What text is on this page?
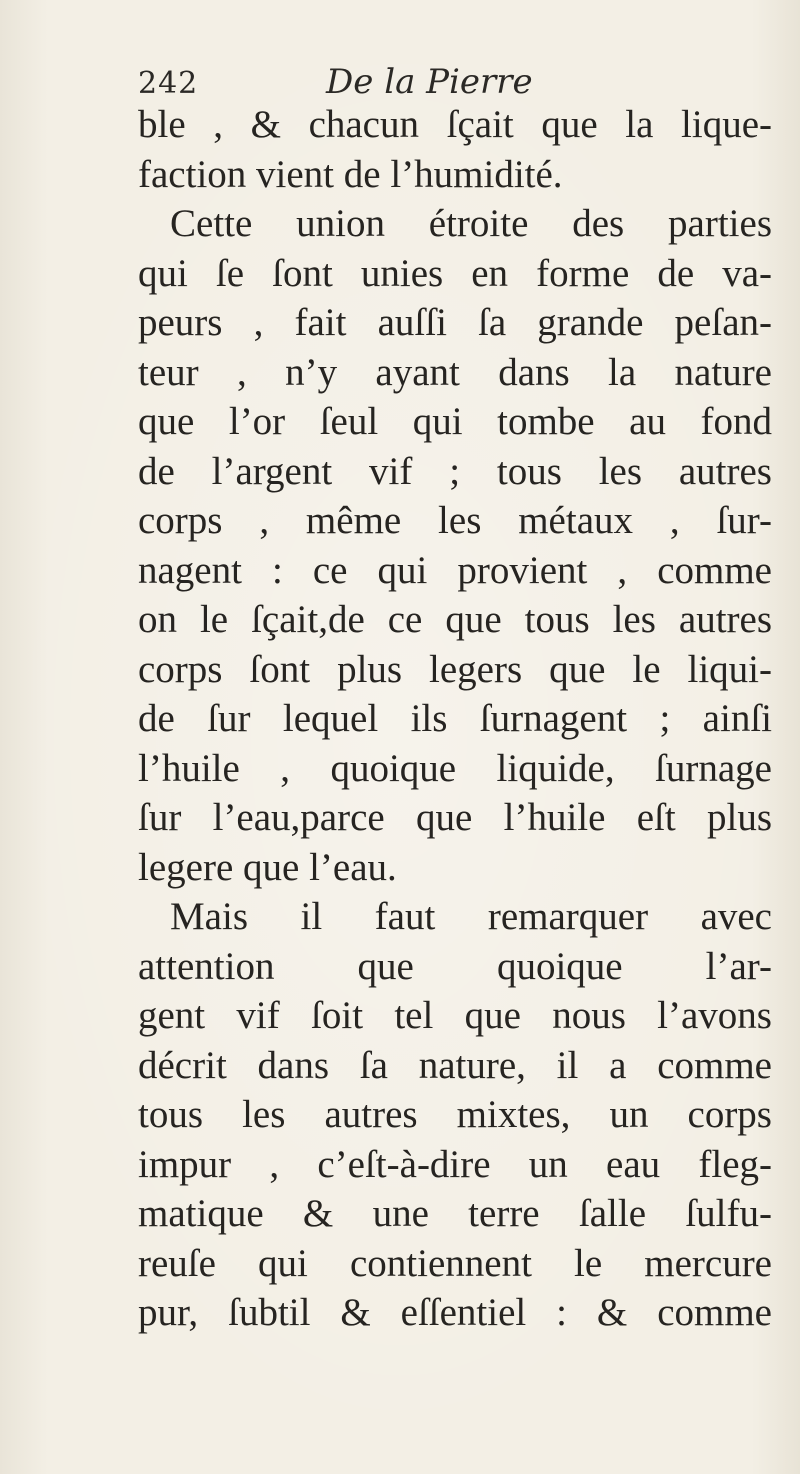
242	De la Pierre
ble , & chacun ſçait que la lique-
faction vient de l’humidité.
Cette union étroite des parties
qui ſe ſont unies en forme de va-
peurs , fait auſſi ſa grande peſan-
teur , n’y ayant dans la nature
que l’or ſeul qui tombe au fond
de l’argent vif ; tous les autres
corps , même les métaux , ſur-
nagent : ce qui provient , comme
on le ſçait,de ce que tous les autres
corps ſont plus legers que le liqui-
de ſur lequel ils ſurnagent ; ainſi
l’huile , quoique liquide, ſurnage
ſur l’eau,parce que l’huile eſt plus
legere que l’eau.
Mais il faut remarquer avec
attention que quoique l’ar-
gent vif ſoit tel que nous l’avons
décrit dans ſa nature, il a comme
tous les autres mixtes, un corps
impur , c’eſt-à-dire un eau fleg-
matique & une terre ſalle ſulfu-
reuſe qui contiennent le mercure
pur, ſubtil & eſſentiel : & comme
